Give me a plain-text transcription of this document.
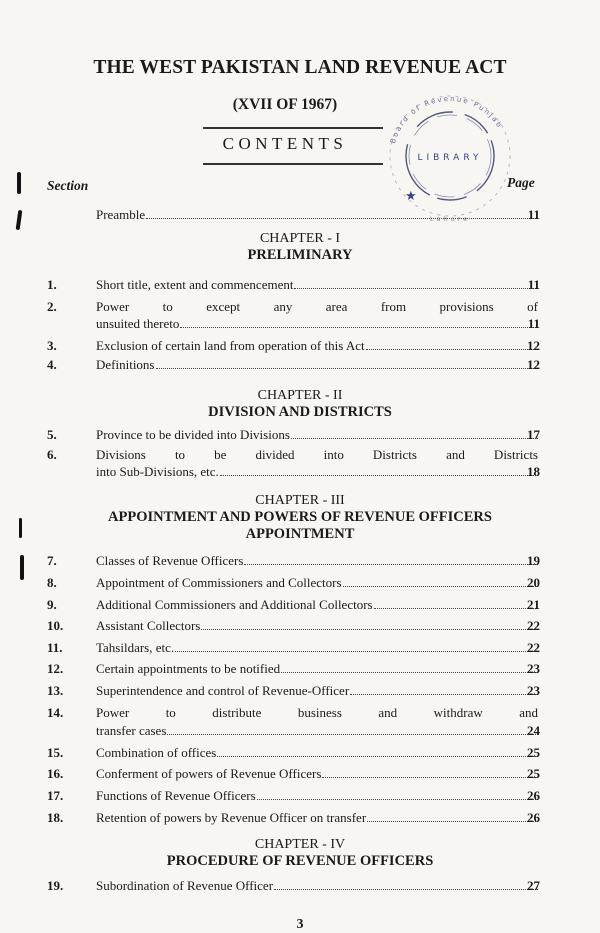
THE WEST PAKISTAN LAND REVENUE ACT
(XVII OF 1967)
CONTENTS	Board of Revenue Punjab
LIBRARY
Lahore
★
Section	Page
Preamble	11
CHAPTER - I
PRELIMINARY
1.	Short title, extent and commencement	11
2.	Power to except any area from provisions of
unsuited thereto	11
3.	Exclusion of certain land from operation of this Act	12
4.	Definitions	12
CHAPTER - II
DIVISION AND DISTRICTS
5.	Province to be divided into Divisions	17
6.	Divisions to be divided into Districts and Districts
into Sub-Divisions, etc.	18
CHAPTER - III
APPOINTMENT AND POWERS OF REVENUE OFFICERS
APPOINTMENT
7.	Classes of Revenue Officers	19
8.	Appointment of Commissioners and Collectors	20
9.	Additional Commissioners and Additional Collectors	21
10.	Assistant Collectors	22
11.	Tahsildars, etc.	22
12.	Certain appointments to be notified	23
13.	Superintendence and control of Revenue-Officer	23
14.	Power to distribute business and withdraw and
transfer cases	24
15.	Combination of offices	25
16.	Conferment of powers of Revenue Officers	25
17.	Functions of Revenue Officers	26
18.	Retention of powers by Revenue Officer on transfer	26
CHAPTER - IV
PROCEDURE OF REVENUE OFFICERS
19.	Subordination of Revenue Officer	27
3
